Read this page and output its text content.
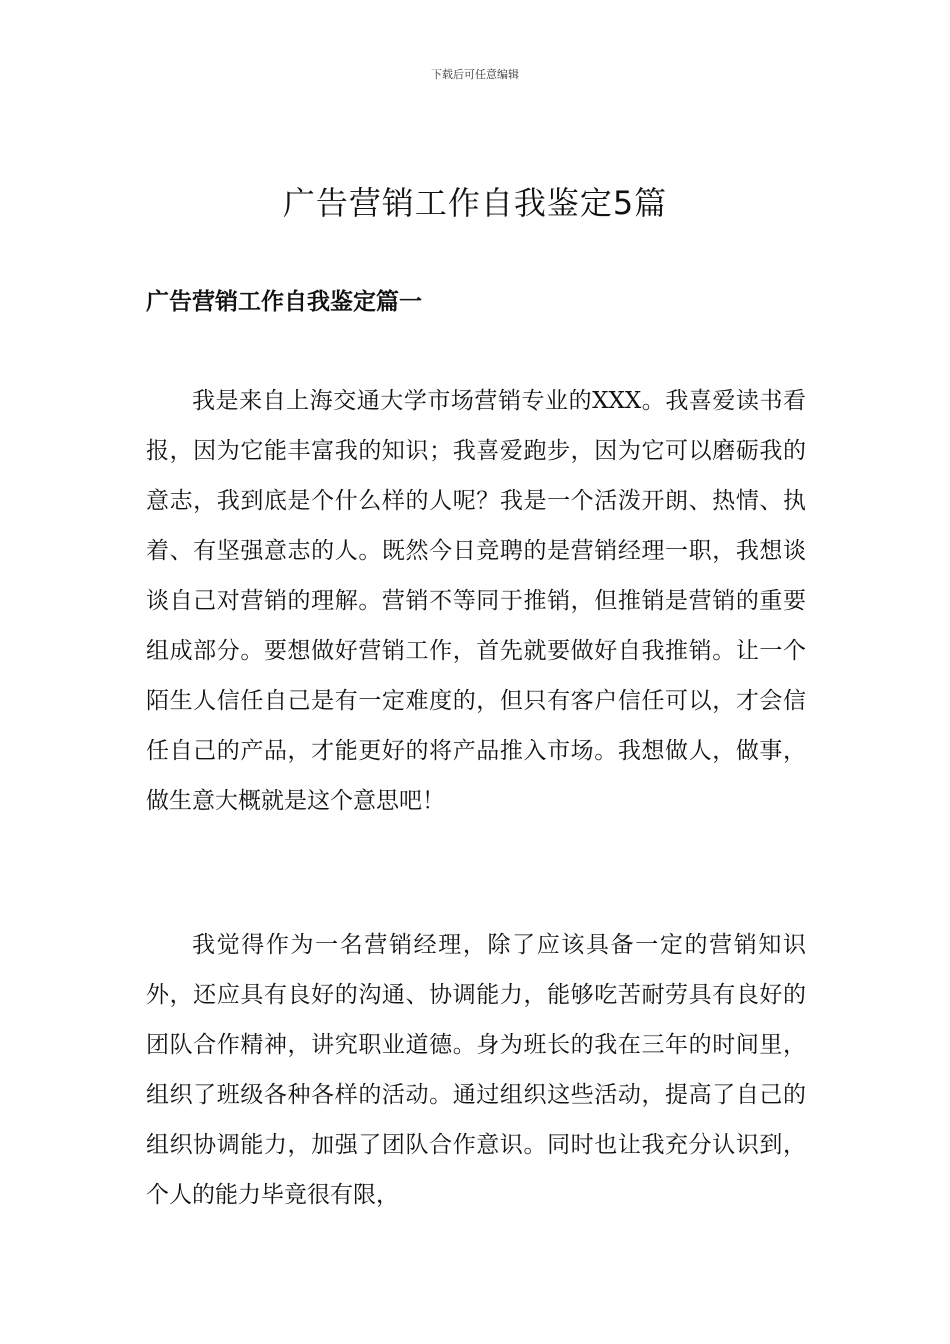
下载后可任意编辑
广告营销工作自我鉴定5篇
广告营销工作自我鉴定篇一

我是来自上海交通大学市场营销专业的XXX。我喜爱读书看报，因为它能丰富我的知识；我喜爱跑步，因为它可以磨砺我的意志，我到底是个什么样的人呢？我是一个活泼开朗、热情、执着、有坚强意志的人。既然今日竞聘的是营销经理一职，我想谈谈自己对营销的理解。营销不等同于推销，但推销是营销的重要组成部分。要想做好营销工作，首先就要做好自我推销。让一个陌生人信任自己是有一定难度的，但只有客户信任可以，才会信任自己的产品，才能更好的将产品推入市场。我想做人，做事，做生意大概就是这个意思吧！

我觉得作为一名营销经理，除了应该具备一定的营销知识外，还应具有良好的沟通、协调能力，能够吃苦耐劳具有良好的团队合作精神，讲究职业道德。身为班长的我在三年的时间里，组织了班级各种各样的活动。通过组织这些活动，提高了自己的组织协调能力，加强了团队合作意识。同时也让我充分认识到，个人的能力毕竟很有限，
